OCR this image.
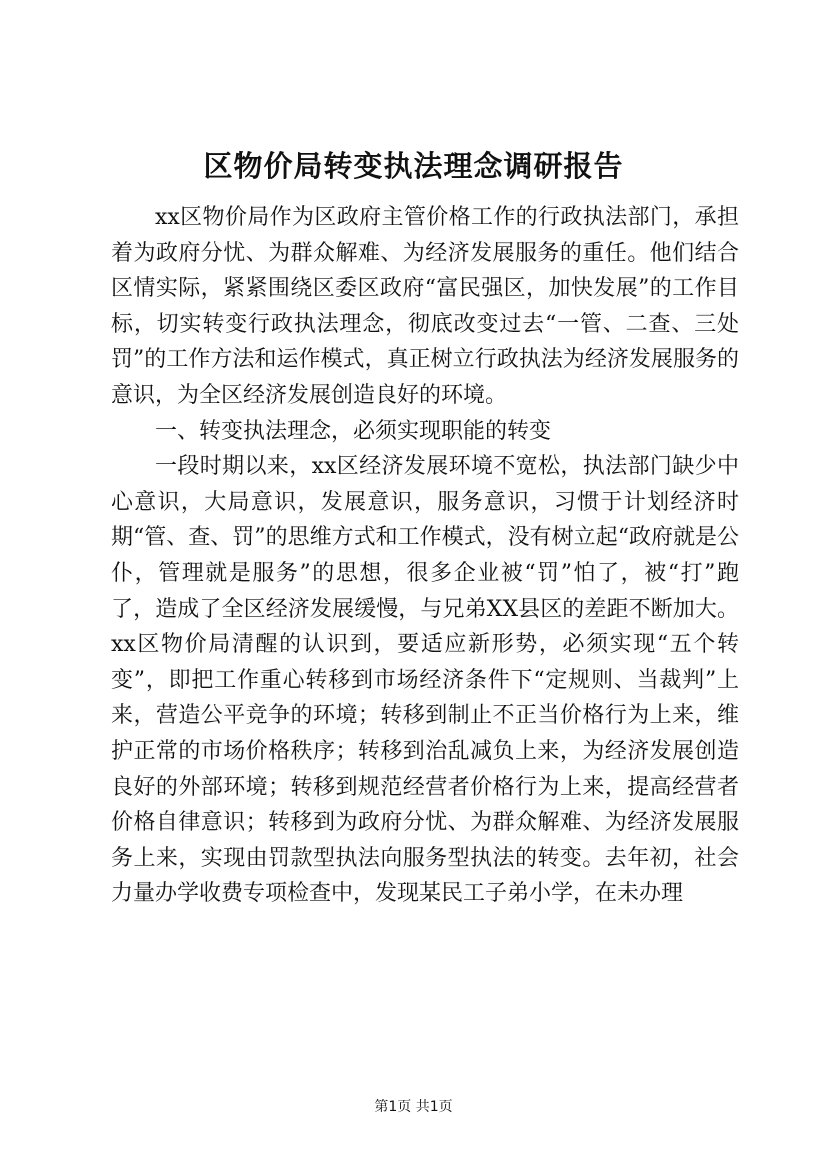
区物价局转变执法理念调研报告

xx区物价局作为区政府主管价格工作的行政执法部门，承担着为政府分忧、为群众解难、为经济发展服务的重任。他们结合区情实际，紧紧围绕区委区政府“富民强区，加快发展”的工作目标，切实转变行政执法理念，彻底改变过去“一管、二查、三处罚”的工作方法和运作模式，真正树立行政执法为经济发展服务的意识，为全区经济发展创造良好的环境。

一、转变执法理念，必须实现职能的转变

一段时期以来，xx区经济发展环境不宽松，执法部门缺少中心意识，大局意识，发展意识，服务意识，习惯于计划经济时期“管、查、罚”的思维方式和工作模式，没有树立起“政府就是公仆，管理就是服务”的思想，很多企业被“罚”怕了，被“打”跑了，造成了全区经济发展缓慢，与兄弟XX县区的差距不断加大。xx区物价局清醒的认识到，要适应新形势，必须实现“五个转变”，即把工作重心转移到市场经济条件下“定规则、当裁判”上来，营造公平竞争的环境；转移到制止不正当价格行为上来，维护正常的市场价格秩序；转移到治乱减负上来，为经济发展创造良好的外部环境；转移到规范经营者价格行为上来，提高经营者价格自律意识；转移到为政府分忧、为群众解难、为经济发展服务上来，实现由罚款型执法向服务型执法的转变。去年初，社会力量办学收费专项检查中，发现某民工子弟小学，在未办理

第1页 共1页
